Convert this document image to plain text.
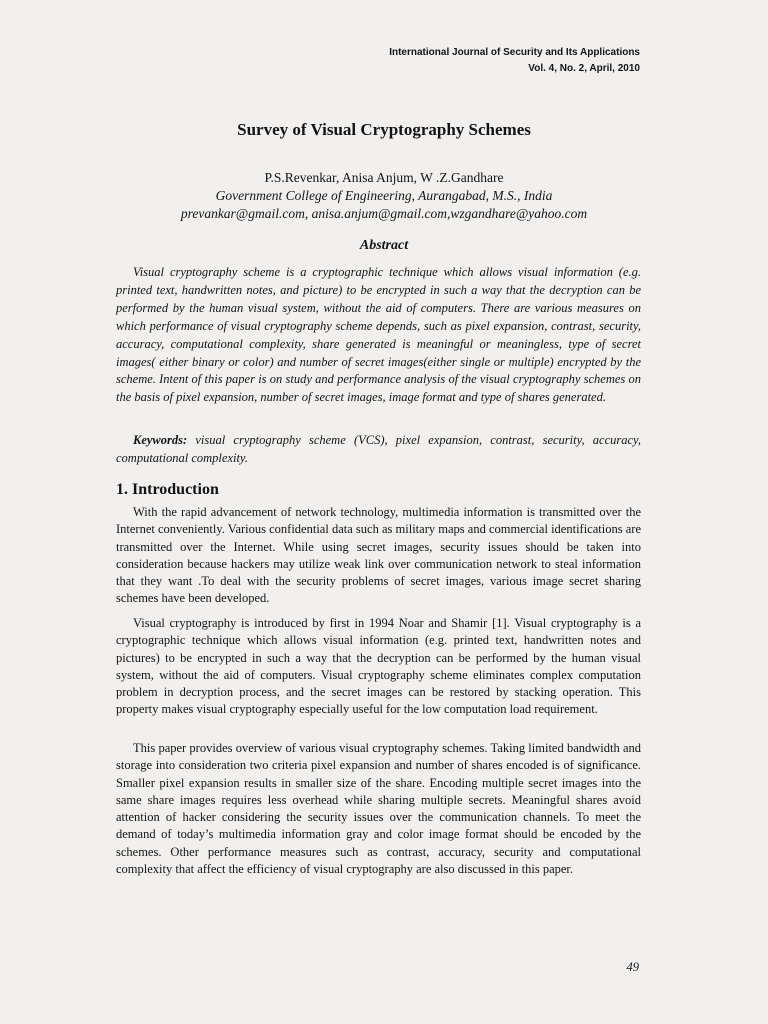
International Journal of Security and Its Applications
Vol. 4, No. 2, April, 2010
Survey of Visual Cryptography Schemes
P.S.Revenkar, Anisa Anjum, W .Z.Gandhare
Government College of Engineering, Aurangabad, M.S., India
prevankar@gmail.com, anisa.anjum@gmail.com,wzgandhare@yahoo.com
Abstract

Visual cryptography scheme is a cryptographic technique which allows visual information (e.g. printed text, handwritten notes, and picture) to be encrypted in such a way that the decryption can be performed by the human visual system, without the aid of computers. There are various measures on which performance of visual cryptography scheme depends, such as pixel expansion, contrast, security, accuracy, computational complexity, share generated is meaningful or meaningless, type of secret images( either binary or color) and number of secret images(either single or multiple) encrypted by the scheme. Intent of this paper is on study and performance analysis of the visual cryptography schemes on the basis of pixel expansion, number of secret images, image format and type of shares generated.

Keywords: visual cryptography scheme (VCS), pixel expansion, contrast, security, accuracy, computational complexity.

1. Introduction

With the rapid advancement of network technology, multimedia information is transmitted over the Internet conveniently. Various confidential data such as military maps and commercial identifications are transmitted over the Internet. While using secret images, security issues should be taken into consideration because hackers may utilize weak link over communication network to steal information that they want .To deal with the security problems of secret images, various image secret sharing schemes have been developed.

Visual cryptography is introduced by first in 1994 Noar and Shamir [1]. Visual cryptography is a cryptographic technique which allows visual information (e.g. printed text, handwritten notes and pictures) to be encrypted in such a way that the decryption can be performed by the human visual system, without the aid of computers. Visual cryptography scheme eliminates complex computation problem in decryption process, and the secret images can be restored by stacking operation. This property makes visual cryptography especially useful for the low computation load requirement.

This paper provides overview of various visual cryptography schemes. Taking limited bandwidth and storage into consideration two criteria pixel expansion and number of shares encoded is of significance. Smaller pixel expansion results in smaller size of the share. Encoding multiple secret images into the same share images requires less overhead while sharing multiple secrets. Meaningful shares avoid attention of hacker considering the security issues over the communication channels. To meet the demand of today’s multimedia information gray and color image format should be encoded by the schemes. Other performance measures such as contrast, accuracy, security and computational complexity that affect the efficiency of visual cryptography are also discussed in this paper.

49
